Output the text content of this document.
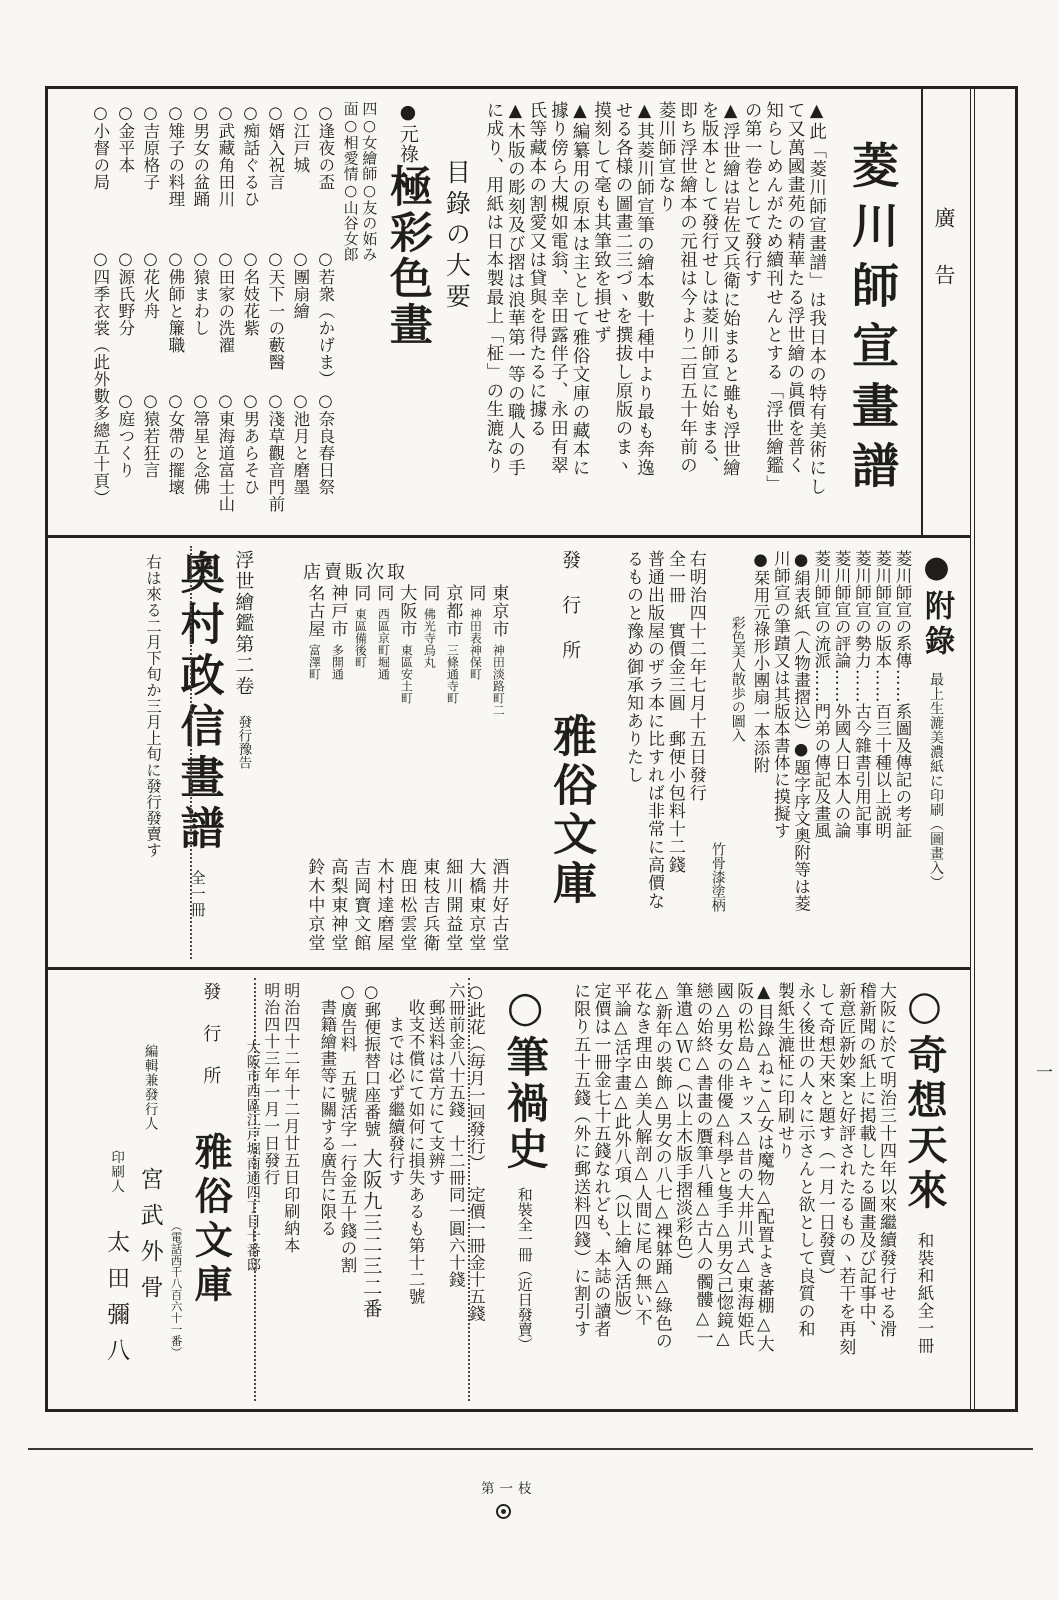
廣告
菱川師宣畫譜
▲此「菱川師宣畫譜」は我日本の特有美術にし
て又萬國畫苑の精華たる浮世繪の眞價を普く
知らしめんがため續刊せんとする「浮世繪鑑」
の第一卷として發行す
▲浮世繪は岩佐又兵衛に始まると雖も浮世繪
を版本として發行せしは菱川師宣に始まる、
即ち浮世繪本の元祖は今より二百五十年前の
菱川師宣なり
▲其菱川師宣筆の繪本數十種中より最も奔逸
せる各様の圖畫二三づヽを撰拔し原版のまヽ
摸刻して毫も其筆致を損せず
▲編纂用の原本は主として雅俗文庫の藏本に
據り傍ら大槻如電翁、幸田露伴子、永田有翠
氏等藏本の割愛又は貸與を得たるに據る
▲木版の彫刻及び摺は浪華第一等の職人の手
に成り、用紙は日本製最上「柾」の生漉なり
目錄の大要
●元祿極彩色畫
四○女繪師○友の妬み
面○相愛情○山谷女郎
○逢夜の盃
○若衆（かげま）
○奈良春日祭
○江戸城
○團扇繪
○池月と磨墨
○婿入祝言
○天下一の藪醫
○淺草觀音門前
○痴話ぐるひ
○名妓花紫
○男あらそひ
○武藏角田川
○田家の洗濯
○東海道富士山
○男女の盆踊
○猿まわし
○箒星と念佛
○雉子の料理
○佛師と簾職
○女帶の擺壞
○吉原格子
○花火舟
○猿若狂言
○金平本
○源氏野分
○庭つくり
○小督の局
○四季衣裳（此外數多總五十頁）
●附錄最上生漉美濃紙に印刷（圖畫入）
菱川師宣の系傳……系圖及傳記の考証
菱川師宣の版本……百三十種以上説明
菱川師宣の勢力……古今雜書引用記事
菱川師宣の評論……外國人日本人の論
菱川師宣の流派……門弟の傳記及畫風
●絹表紙（人物畫摺込）●題字序文奧附等は菱
川師宣の筆蹟又は其版本書体に摸擬す
●栞用元祿形小團扇一本添附
彩色美人散歩の圖入
竹骨漆塗柄
右明治四十二年七月十五日發行
全一冊　實價金三圓　郵便小包料十二錢
普通出版屋のザラ本に比すれば非常に高價な
るものと豫め御承知ありたし
發行所雅俗文庫
東京市神田淡路町二
酒井好古堂
同神田表神保町
大橋東京堂
京都市三條通寺町
細川開益堂
同佛光寺烏丸
東枝吉兵衛
大阪市東區安土町
鹿田松雲堂
同西區京町堀通
木村達磨屋
同東區備後町
吉岡寶文館
神戸市多開通
高梨東神堂
名古屋富澤町
鈴木中京堂
浮世繪鑑第二卷發行豫告
奧村政信畫譜全一冊
右は來る二月下旬か三月上旬に發行發賣す	店賣販次取
○奇想天來和裝和紙全一冊
大阪に於て明治三十四年以來繼續發行せる滑
稽新聞の紙上に掲載したる圖畫及び記事中、
新意匠新妙案と好評されたるものヽ若干を再刻
して奇想天來と題す（一月一日發賣）
永く後世の人々に示さんと欲として良質の和
製紙生漉柾に印刷せり
▲目錄△ねこ△女は魔物△配置よき蕃棚△大
阪の松島△キッス△昔の大井川式△東海姫氏
國△男女の俳優△科學と隻手△男女己惚鏡△
戀の始終△書畫の贋筆八種△古人の髑髏△一
筆遺△ＷＣ（以上木版手摺淡彩色）
△新年の裝飾△男女の八七△裸躰踊△綠色の
花なき理由△美人解剖△人間に尾の無い不
平論△活字畫△此外八項（以上繪入活版）
定價は一冊金七十五錢なれども、本誌の讀者
に限り五十五錢（外に郵送料四錢）に割引す
○筆禍史和裝全一冊（近日發賣）
○此花（毎月一回發行）定價一冊金十五錢
六冊前金八十五錢　十二冊同一圓六十錢
　郵送料は當方にて支辨す
　收支不償にて如何に損失あるも第十二號
　　までは必ず繼續發行す
○郵便振替口座番號大阪九三二三二番
○廣告料　五號活字一行金五十錢の割
　書籍繪畫等に關する廣告に限る
明治四十二年十二月廿五日印刷納本
明治四十三年一月一日發行
大阪市西區江戸堀南通四丁目十番邸
發行所雅俗文庫
（電話西千八百六十一番）
編輯兼發行人宮武外骨
印刷人太田彌八
一
第一枝
